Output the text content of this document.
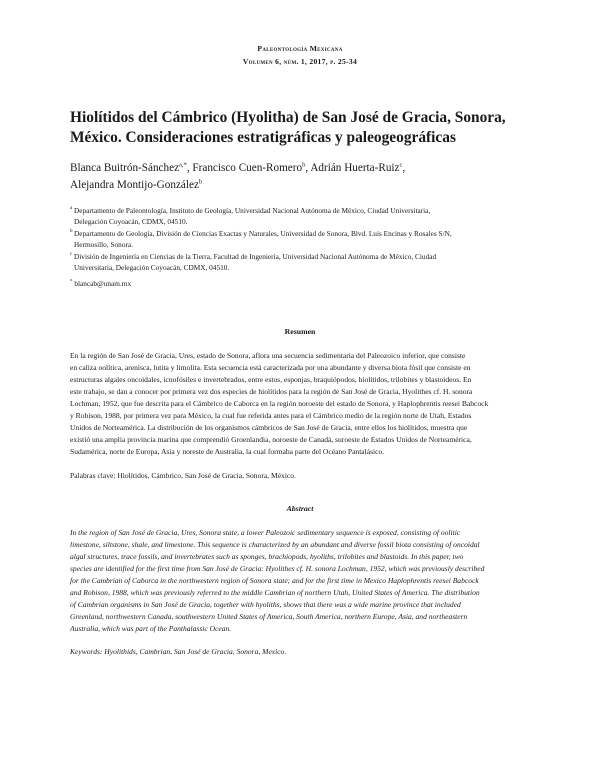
Paleontología Mexicana
Volumen 6, núm. 1, 2017, p. 25-34
Hiolítidos del Cámbrico (Hyolitha) de San José de Gracia, Sonora,
México. Consideraciones estratigráficas y paleogeográficas
Blanca Buitrón-Sánchez$^{a,*}$, Francisco Cuen-Romero$^b$, Adrián Huerta-Ruiz$^c$,
Alejandra Montijo-González$^b$
a Departamento de Paleontología, Instituto de Geología, Universidad Nacional Autónoma de México, Ciudad Universitaria,
Delegación Coyoacán, CDMX, 04510.
b Departamento de Geología, División de Ciencias Exactas y Naturales, Universidad de Sonora, Blvd. Luis Encinas y Rosales S/N,
Hermosillo, Sonora.
c División de Ingeniería en Ciencias de la Tierra, Facultad de Ingeniería, Universidad Nacional Autónoma de México, Ciudad
Universitaria, Delegación Coyoacán, CDMX, 04510.
* blancab@unam.mx
Resumen
En la región de San José de Gracia, Ures, estado de Sonora, aflora una secuencia sedimentaria del Paleozoico inferior, que consiste
en caliza oolítica, arenisca, lutita y limolita. Esta secuencia está caracterizada por una abundante y diversa biota fósil que consiste en
estructuras algales oncoidales, icnofósiles e invertebrados, entre estos, esponjas, braquiópodos, hiolítidos, trilobites y blastoideos. En
este trabajo, se dan a conocer por primera vez dos especies de hiolítidos para la región de San José de Gracia, Hyolithes cf. H. sonora
Lochman, 1952, que fue descrita para el Cámbrico de Caborca en la región noroeste del estado de Sonora, y Haplophrentis reesei Babcock
y Robison, 1988, por primera vez para México, la cual fue referida antes para el Cámbrico medio de la región norte de Utah, Estados
Unidos de Norteamérica. La distribución de los organismos cámbricos de San José de Gracia, entre ellos los hiolítidos, muestra que
existió una amplia provincia marina que comprendió Groenlandia, noroeste de Canadá, suroeste de Estados Unidos de Norteamérica,
Sudamérica, norte de Europa, Asia y noreste de Australia, la cual formaba parte del Océano Pantalásico.
Palabras clave: Hiolítidos, Cámbrico, San José de Gracia, Sonora, México.
Abstract
In the region of San José de Gracia, Ures, Sonora state, a lower Paleozoic sedimentary sequence is exposed, consisting of oolitic
limestone, siltstone, shale, and limestone. This sequence is characterized by an abundant and diverse fossil biota consisting of oncoidal
algal structures, trace fossils, and invertebrates such as sponges, brachiopods, hyoliths, trilobites and blastoids. In this paper, two
species are identified for the first time from San José de Gracia: Hyolithes cf. H. sonora Lochman, 1952, which was previously described
for the Cambrian of Caborca in the northwestern region of Sonora state; and for the first time in Mexico Haplophrentis reesei Babcock
and Robison, 1988, which was previously referred to the middle Cambrian of northern Utah, United States of America. The distribution
of Cambrian organisms in San José de Gracia, together with hyoliths, shows that there was a wide marine province that included
Greenland, northwestern Canada, southwestern United States of America, South America, northern Europe, Asia, and northeastern
Australia, which was part of the Panthalassic Ocean.
Keywords: Hyolithids, Cambrian, San José de Gracia, Sonora, Mexico.
